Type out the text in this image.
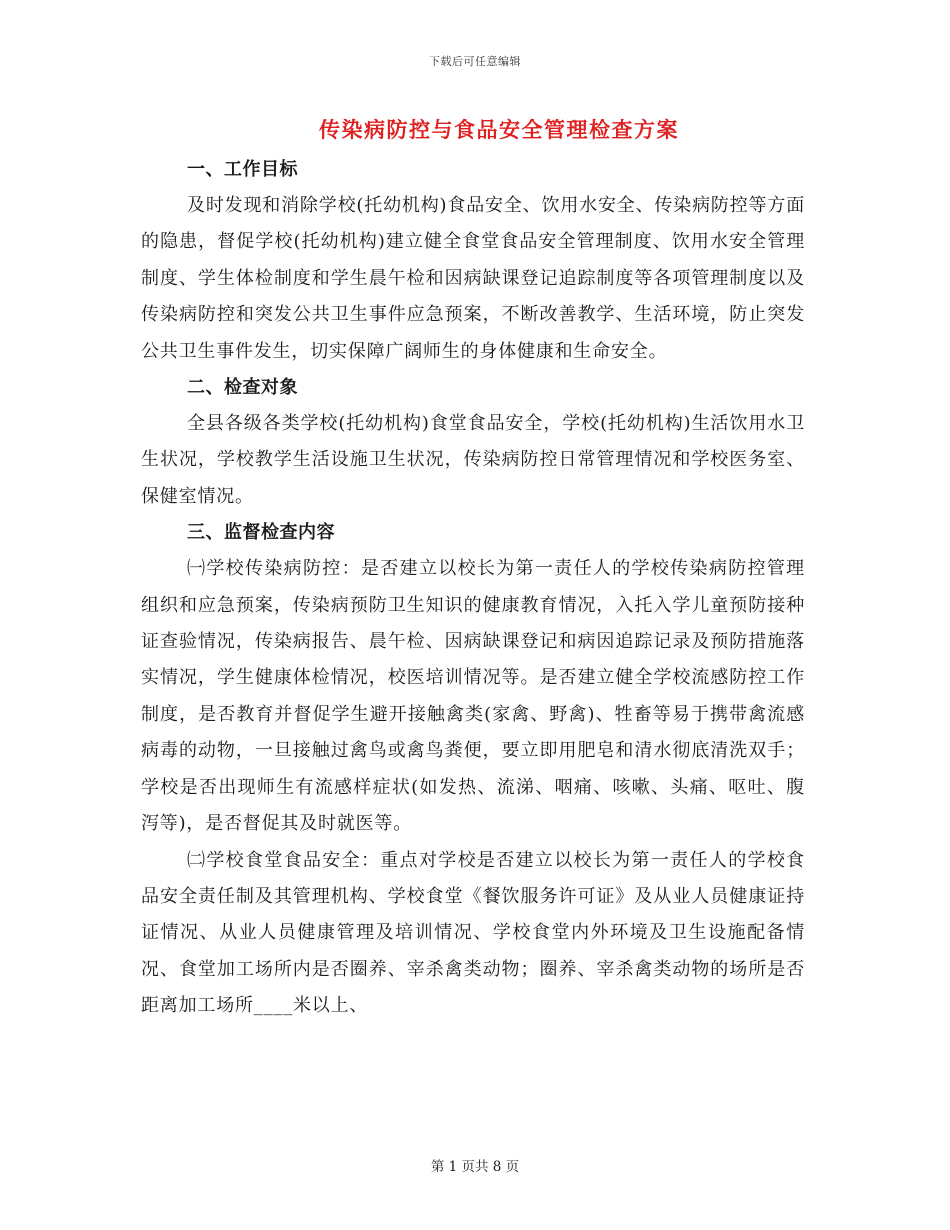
下载后可任意编辑
传染病防控与食品安全管理检查方案

一、工作目标

及时发现和消除学校(托幼机构)食品安全、饮用水安全、传染病防控等方面的隐患，督促学校(托幼机构)建立健全食堂食品安全管理制度、饮用水安全管理制度、学生体检制度和学生晨午检和因病缺课登记追踪制度等各项管理制度以及传染病防控和突发公共卫生事件应急预案，不断改善教学、生活环境，防止突发公共卫生事件发生，切实保障广阔师生的身体健康和生命安全。

二、检查对象

全县各级各类学校(托幼机构)食堂食品安全，学校(托幼机构)生活饮用水卫生状况，学校教学生活设施卫生状况，传染病防控日常管理情况和学校医务室、保健室情况。

三、监督检查内容

㈠学校传染病防控：是否建立以校长为第一责任人的学校传染病防控管理组织和应急预案，传染病预防卫生知识的健康教育情况，入托入学儿童预防接种证查验情况，传染病报告、晨午检、因病缺课登记和病因追踪记录及预防措施落实情况，学生健康体检情况，校医培训情况等。是否建立健全学校流感防控工作制度，是否教育并督促学生避开接触禽类(家禽、野禽)、牲畜等易于携带禽流感病毒的动物，一旦接触过禽鸟或禽鸟粪便，要立即用肥皂和清水彻底清洗双手；学校是否出现师生有流感样症状(如发热、流涕、咽痛、咳嗽、头痛、呕吐、腹泻等)，是否督促其及时就医等。

㈡学校食堂食品安全：重点对学校是否建立以校长为第一责任人的学校食品安全责任制及其管理机构、学校食堂《餐饮服务许可证》及从业人员健康证持证情况、从业人员健康管理及培训情况、学校食堂内外环境及卫生设施配备情况、食堂加工场所内是否圈养、宰杀禽类动物；圈养、宰杀禽类动物的场所是否距离加工场所____米以上、

第 1 页共 8 页
